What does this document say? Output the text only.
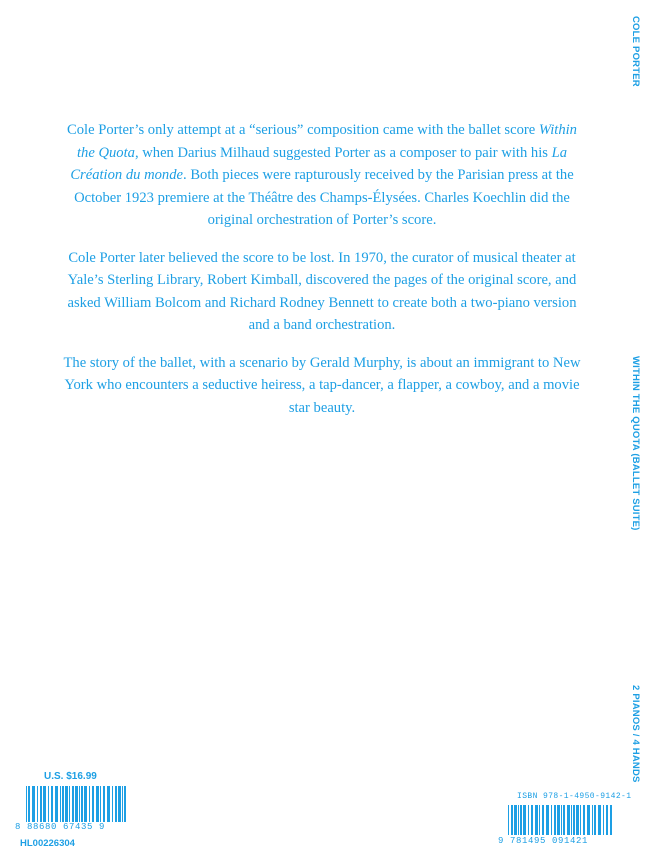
Cole Porter’s only attempt at a “serious” composition came with the ballet score Within the Quota, when Darius Milhaud suggested Porter as a composer to pair with his La Création du monde. Both pieces were rapturously received by the Parisian press at the October 1923 premiere at the Théâtre des Champs-Élysées. Charles Koechlin did the original orchestration of Porter’s score.

Cole Porter later believed the score to be lost. In 1970, the curator of musical theater at Yale’s Sterling Library, Robert Kimball, discovered the pages of the original score, and asked William Bolcom and Richard Rodney Bennett to create both a two-piano version and a band orchestration.

The story of the ballet, with a scenario by Gerald Murphy, is about an immigrant to New York who encounters a seductive heiress, a tap-dancer, a flapper, a cowboy, and a movie star beauty.

COLE PORTER
WITHIN THE QUOTA (BALLET SUITE)
2 PIANOS / 4 HANDS
U.S. $16.99
8 88680 67435 9
HL00226304
ISBN 978-1-4950-9142-1
9 781495 091421
